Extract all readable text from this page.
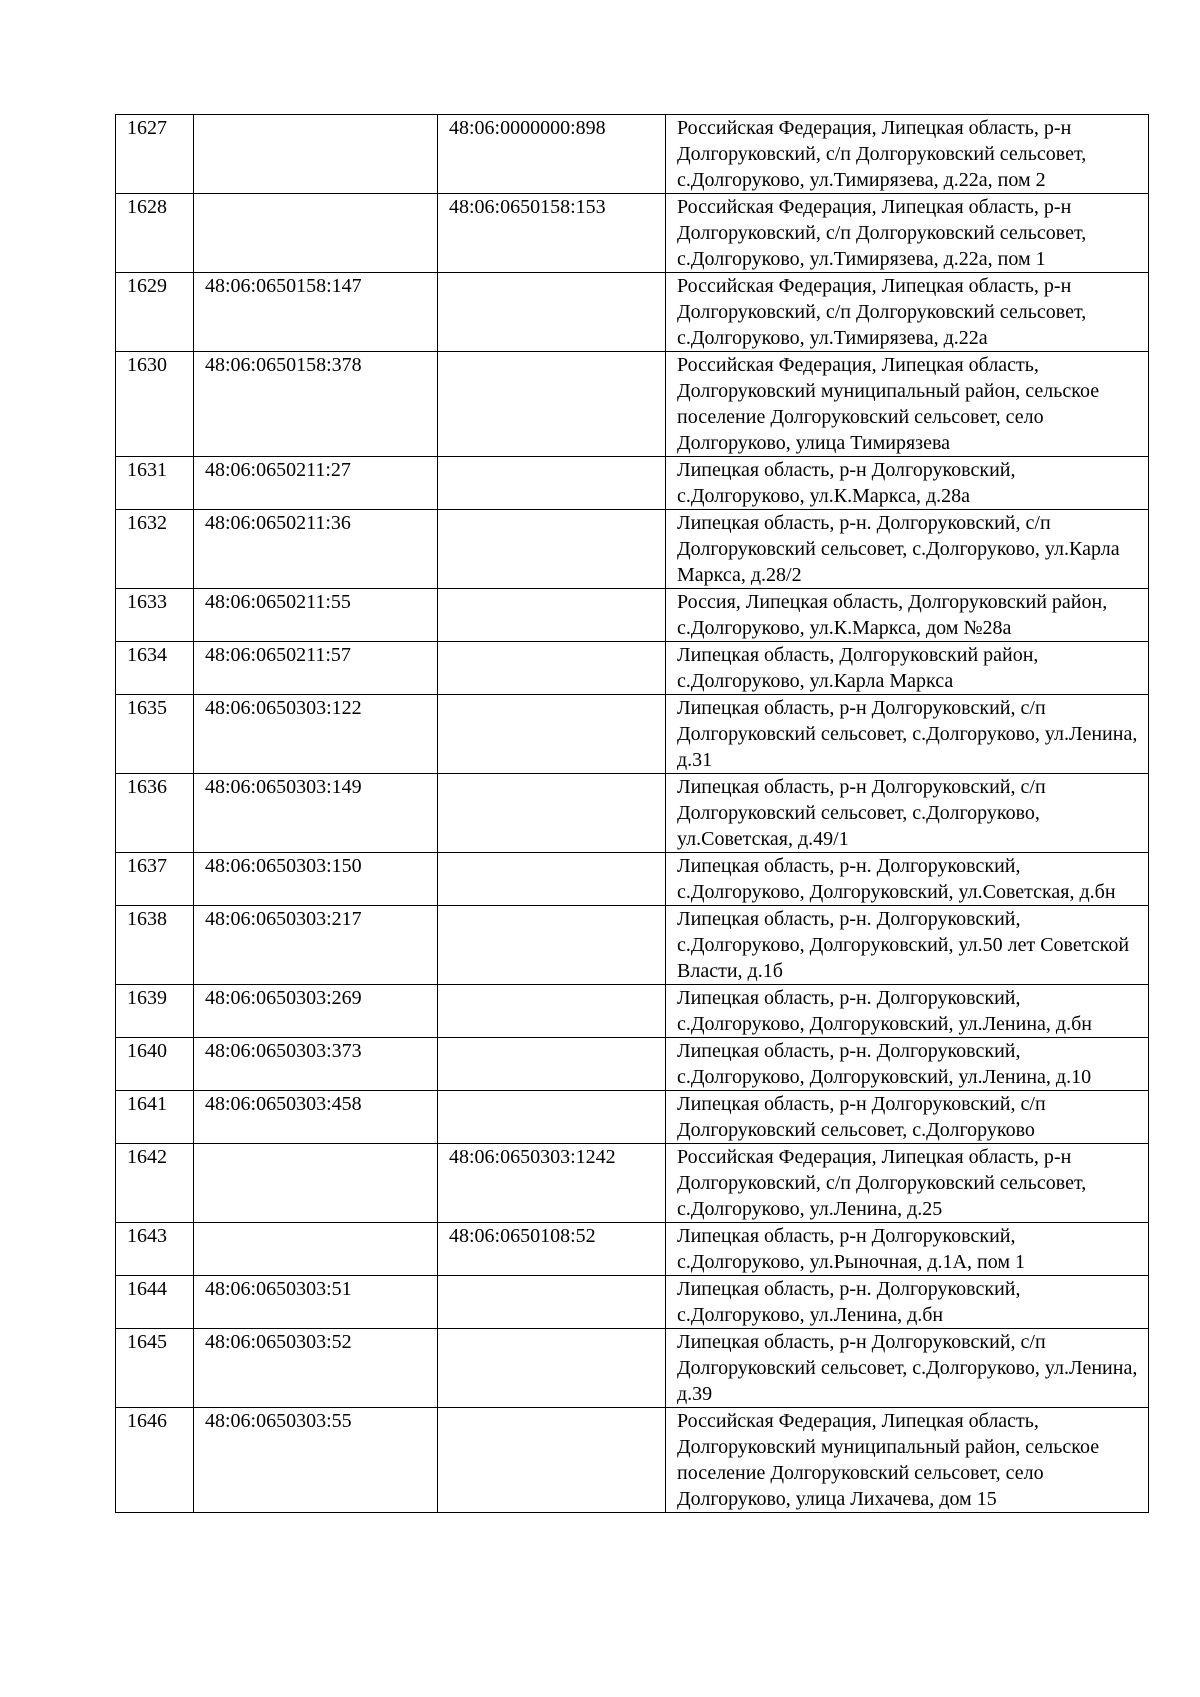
1627		48:06:0000000:898	Российская Федерация, Липецкая область, р-н Долгоруковский, с/п Долгоруковский сельсовет, с.Долгоруково, ул.Тимирязева, д.22а, пом 2
1628		48:06:0650158:153	Российская Федерация, Липецкая область, р-н Долгоруковский, с/п Долгоруковский сельсовет, с.Долгоруково, ул.Тимирязева, д.22а, пом 1
1629	48:06:0650158:147		Российская Федерация, Липецкая область, р-н Долгоруковский, с/п Долгоруковский сельсовет, с.Долгоруково, ул.Тимирязева, д.22а
1630	48:06:0650158:378		Российская Федерация, Липецкая область, Долгоруковский муниципальный район, сельское поселение Долгоруковский сельсовет, село Долгоруково, улица Тимирязева
1631	48:06:0650211:27		Липецкая область, р-н Долгоруковский, с.Долгоруково, ул.К.Маркса, д.28а
1632	48:06:0650211:36		Липецкая область, р-н. Долгоруковский, с/п Долгоруковский сельсовет, с.Долгоруково, ул.Карла Маркса, д.28/2
1633	48:06:0650211:55		Россия, Липецкая область, Долгоруковский район, с.Долгоруково, ул.К.Маркса, дом №28а
1634	48:06:0650211:57		Липецкая область, Долгоруковский район, с.Долгоруково, ул.Карла Маркса
1635	48:06:0650303:122		Липецкая область, р-н Долгоруковский, с/п Долгоруковский сельсовет, с.Долгоруково, ул.Ленина, д.31
1636	48:06:0650303:149		Липецкая область, р-н Долгоруковский, с/п Долгоруковский сельсовет, с.Долгоруково, ул.Советская, д.49/1
1637	48:06:0650303:150		Липецкая область, р-н. Долгоруковский, с.Долгоруково, Долгоруковский, ул.Советская, д.бн
1638	48:06:0650303:217		Липецкая область, р-н. Долгоруковский, с.Долгоруково, Долгоруковский, ул.50 лет Советской Власти, д.1б
1639	48:06:0650303:269		Липецкая область, р-н. Долгоруковский, с.Долгоруково, Долгоруковский, ул.Ленина, д.бн
1640	48:06:0650303:373		Липецкая область, р-н. Долгоруковский, с.Долгоруково, Долгоруковский, ул.Ленина, д.10
1641	48:06:0650303:458		Липецкая область, р-н Долгоруковский, с/п Долгоруковский сельсовет, с.Долгоруково
1642		48:06:0650303:1242	Российская Федерация, Липецкая область, р-н Долгоруковский, с/п Долгоруковский сельсовет, с.Долгоруково, ул.Ленина, д.25
1643		48:06:0650108:52	Липецкая область, р-н Долгоруковский, с.Долгоруково, ул.Рыночная, д.1А, пом 1
1644	48:06:0650303:51		Липецкая область, р-н. Долгоруковский, с.Долгоруково, ул.Ленина, д.бн
1645	48:06:0650303:52		Липецкая область, р-н Долгоруковский, с/п Долгоруковский сельсовет, с.Долгоруково, ул.Ленина, д.39
1646	48:06:0650303:55		Российская Федерация, Липецкая область, Долгоруковский муниципальный район, сельское поселение Долгоруковский сельсовет, село Долгоруково, улица Лихачева, дом 15
